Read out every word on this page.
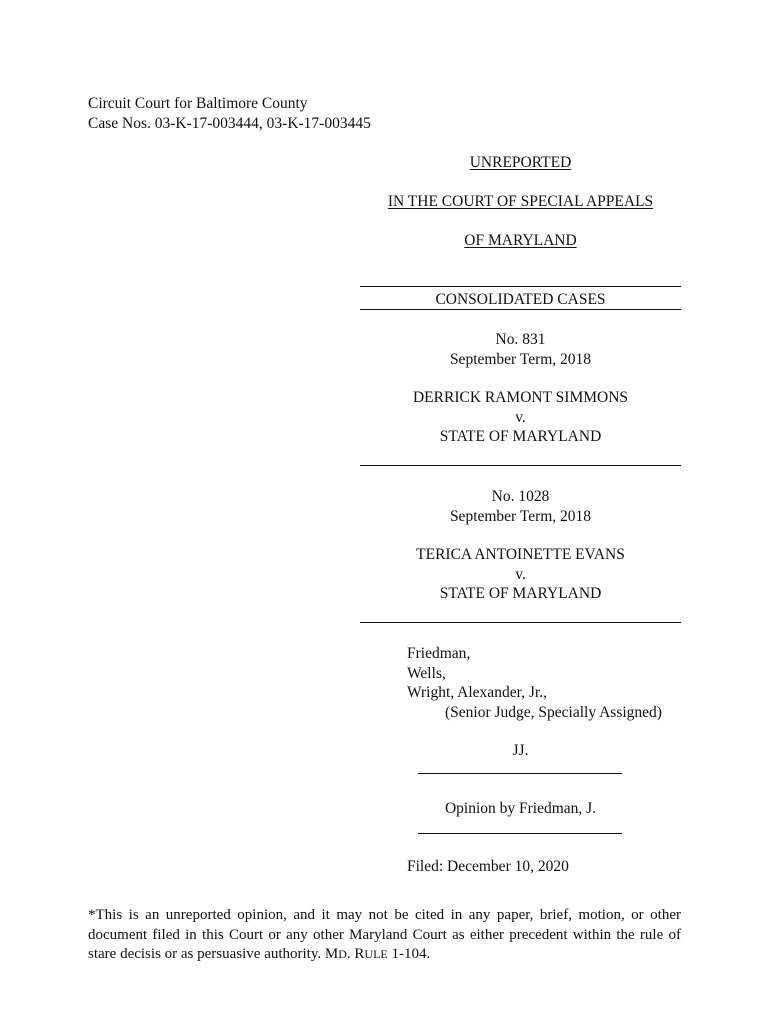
Circuit Court for Baltimore County
Case Nos. 03-K-17-003444, 03-K-17-003445
UNREPORTED
IN THE COURT OF SPECIAL APPEALS
OF MARYLAND
CONSOLIDATED CASES
No. 831
September Term, 2018
DERRICK RAMONT SIMMONS
v.
STATE OF MARYLAND
No. 1028
September Term, 2018
TERICA ANTOINETTE EVANS
v.
STATE OF MARYLAND
Friedman,
Wells,
Wright, Alexander, Jr.,
(Senior Judge, Specially Assigned)
JJ.
Opinion by Friedman, J.
Filed: December 10, 2020
*This is an unreported opinion, and it may not be cited in any paper, brief, motion, or other document filed in this Court or any other Maryland Court as either precedent within the rule of stare decisis or as persuasive authority. MD. RULE 1-104.
